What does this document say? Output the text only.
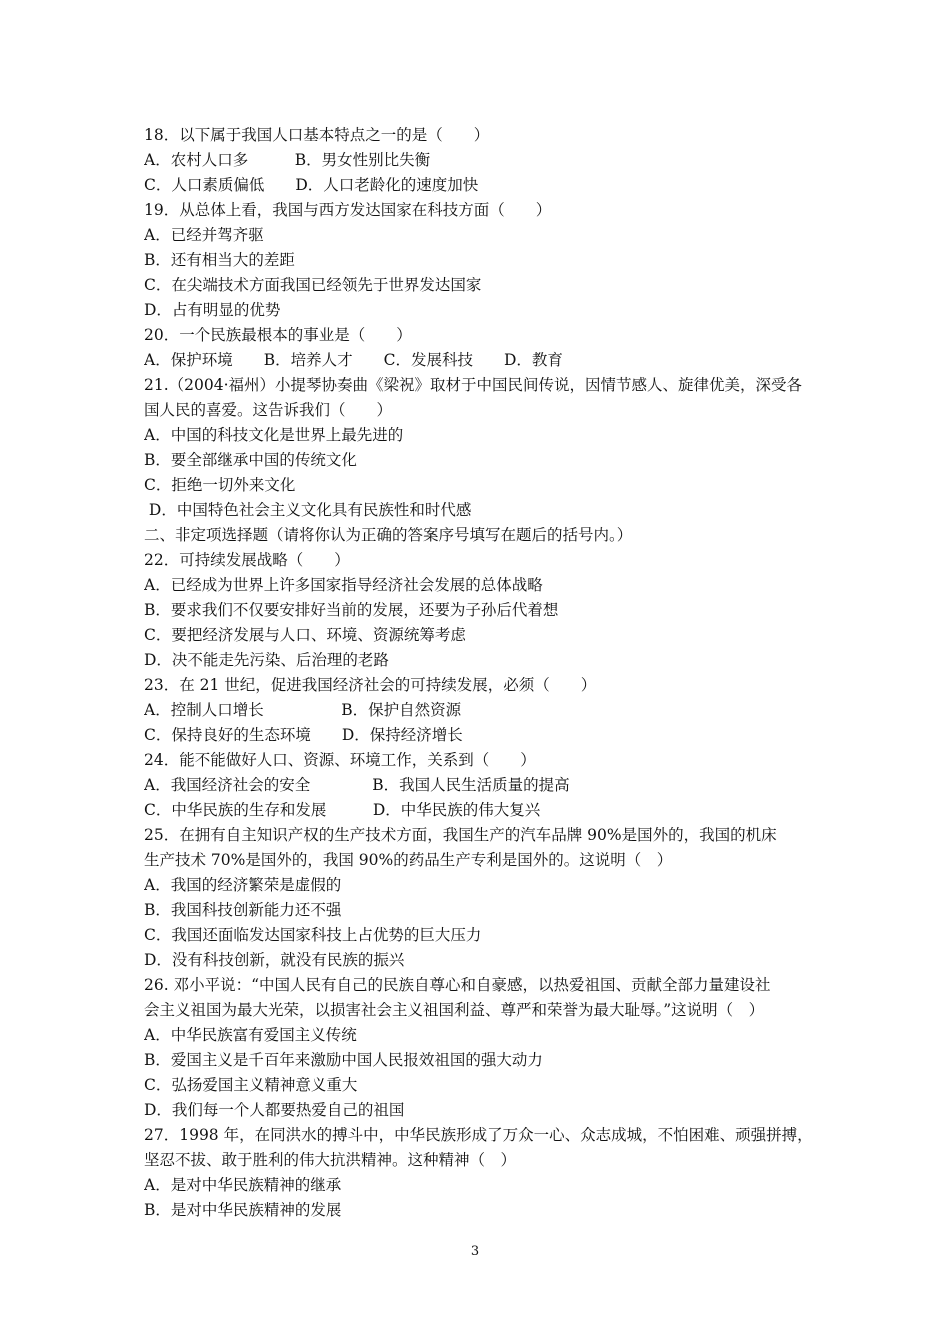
18．以下属于我国人口基本特点之一的是（　　）
A．农村人口多　　　B．男女性别比失衡
C．人口素质偏低　　D．人口老龄化的速度加快
19．从总体上看，我国与西方发达国家在科技方面（　　）
A．已经并驾齐驱
B．还有相当大的差距
C．在尖端技术方面我国已经领先于世界发达国家
D．占有明显的优势
20．一个民族最根本的事业是（　　）
A．保护环境　　B．培养人才　　C．发展科技　　D．教育
21.（2004·福州）小提琴协奏曲《梁祝》取材于中国民间传说，因情节感人、旋律优美，深受各
国人民的喜爱。这告诉我们（　　）
A．中国的科技文化是世界上最先进的
B．要全部继承中国的传统文化
C．拒绝一切外来文化
D．中国特色社会主义文化具有民族性和时代感
二、非定项选择题（请将你认为正确的答案序号填写在题后的括号内。）
22．可持续发展战略（　　）
A．已经成为世界上许多国家指导经济社会发展的总体战略
B．要求我们不仅要安排好当前的发展，还要为子孙后代着想
C．要把经济发展与人口、环境、资源统筹考虑
D．决不能走先污染、后治理的老路
23．在 21 世纪，促进我国经济社会的可持续发展，必须（　　）
A．控制人口增长　　　　　B．保护自然资源
C．保持良好的生态环境　　D．保持经济增长
24．能不能做好人口、资源、环境工作，关系到（　　）
A．我国经济社会的安全　　　　B．我国人民生活质量的提高
C．中华民族的生存和发展　　　D．中华民族的伟大复兴
25．在拥有自主知识产权的生产技术方面，我国生产的汽车品牌 90%是国外的，我国的机床
生产技术 70%是国外的，我国 90%的药品生产专利是国外的。这说明（　）
A．我国的经济繁荣是虚假的
B．我国科技创新能力还不强
C．我国还面临发达国家科技上占优势的巨大压力
D．没有科技创新，就没有民族的振兴
26. 邓小平说：“中国人民有自己的民族自尊心和自豪感，以热爱祖国、贡献全部力量建设社
会主义祖国为最大光荣，以损害社会主义祖国利益、尊严和荣誉为最大耻辱。”这说明（　）
A．中华民族富有爱国主义传统
B．爱国主义是千百年来激励中国人民报效祖国的强大动力
C．弘扬爱国主义精神意义重大
D．我们每一个人都要热爱自己的祖国
27．1998 年，在同洪水的搏斗中，中华民族形成了万众一心、众志成城，不怕困难、顽强拼搏，
坚忍不拔、敢于胜利的伟大抗洪精神。这种精神（　）
A．是对中华民族精神的继承
B．是对中华民族精神的发展
3
